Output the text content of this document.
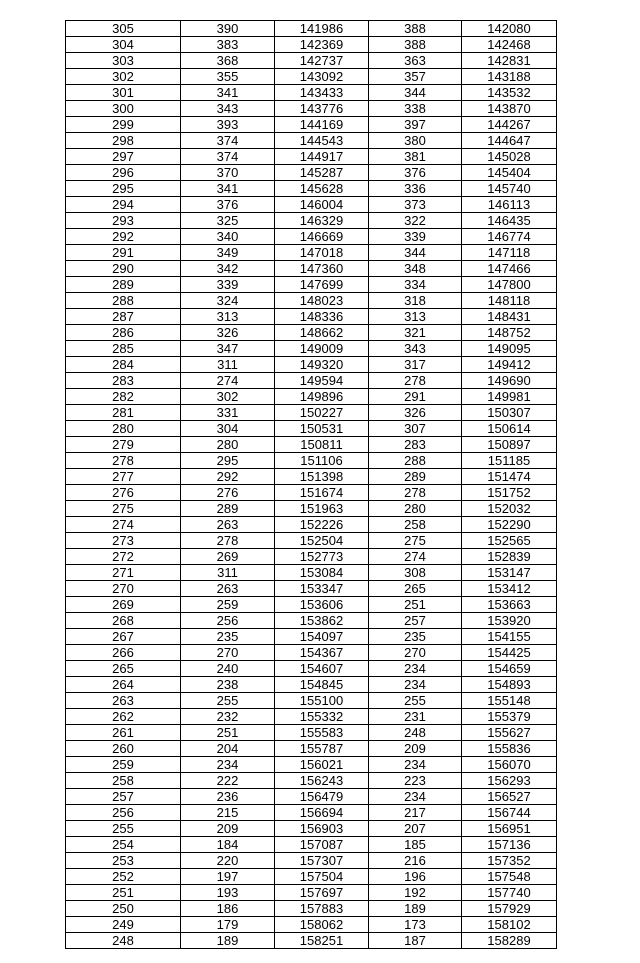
305	390	141986	388	142080
304	383	142369	388	142468
303	368	142737	363	142831
302	355	143092	357	143188
301	341	143433	344	143532
300	343	143776	338	143870
299	393	144169	397	144267
298	374	144543	380	144647
297	374	144917	381	145028
296	370	145287	376	145404
295	341	145628	336	145740
294	376	146004	373	146113
293	325	146329	322	146435
292	340	146669	339	146774
291	349	147018	344	147118
290	342	147360	348	147466
289	339	147699	334	147800
288	324	148023	318	148118
287	313	148336	313	148431
286	326	148662	321	148752
285	347	149009	343	149095
284	311	149320	317	149412
283	274	149594	278	149690
282	302	149896	291	149981
281	331	150227	326	150307
280	304	150531	307	150614
279	280	150811	283	150897
278	295	151106	288	151185
277	292	151398	289	151474
276	276	151674	278	151752
275	289	151963	280	152032
274	263	152226	258	152290
273	278	152504	275	152565
272	269	152773	274	152839
271	311	153084	308	153147
270	263	153347	265	153412
269	259	153606	251	153663
268	256	153862	257	153920
267	235	154097	235	154155
266	270	154367	270	154425
265	240	154607	234	154659
264	238	154845	234	154893
263	255	155100	255	155148
262	232	155332	231	155379
261	251	155583	248	155627
260	204	155787	209	155836
259	234	156021	234	156070
258	222	156243	223	156293
257	236	156479	234	156527
256	215	156694	217	156744
255	209	156903	207	156951
254	184	157087	185	157136
253	220	157307	216	157352
252	197	157504	196	157548
251	193	157697	192	157740
250	186	157883	189	157929
249	179	158062	173	158102
248	189	158251	187	158289
